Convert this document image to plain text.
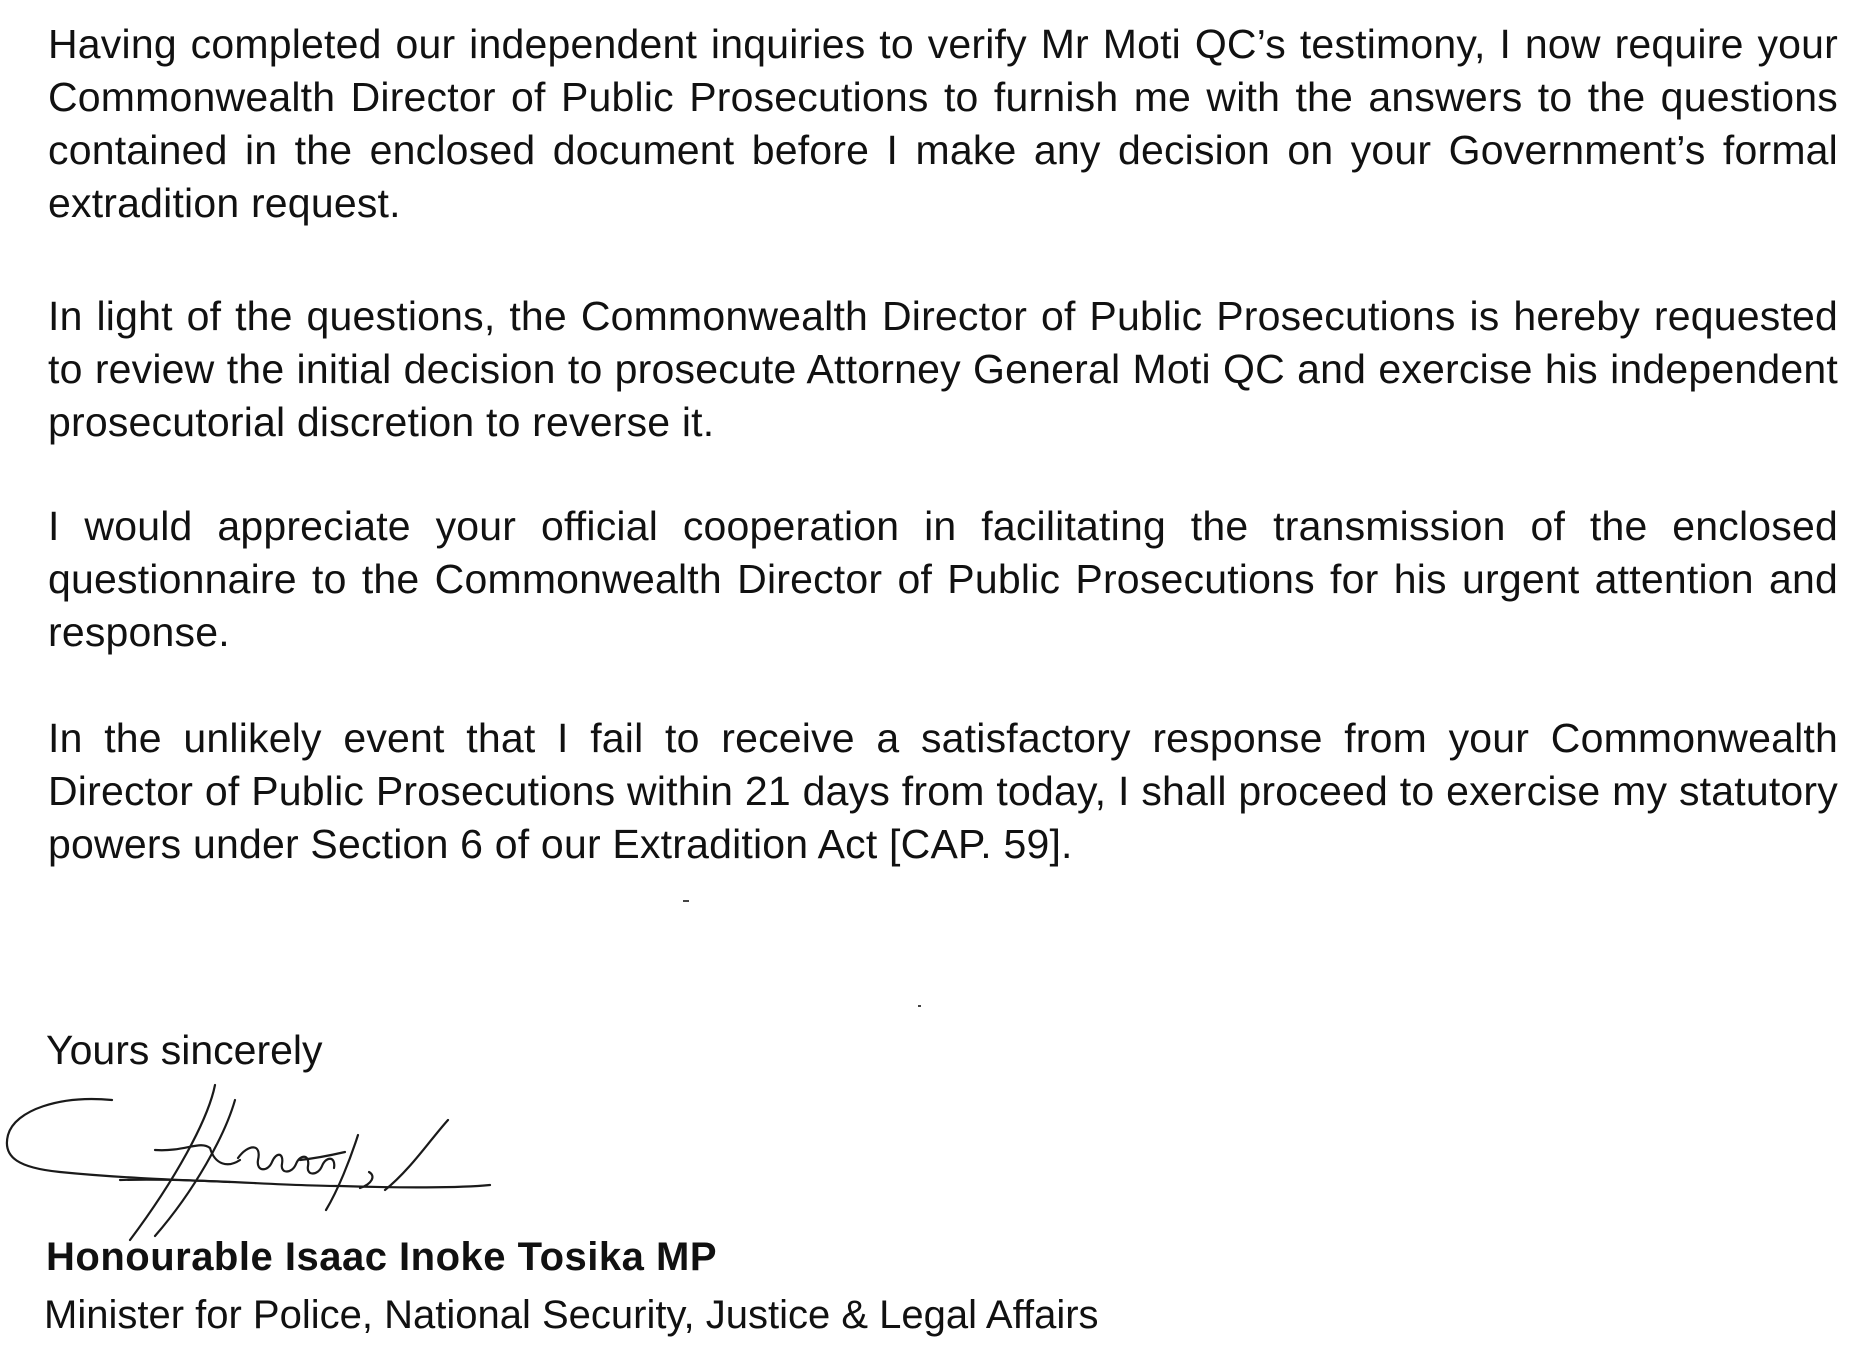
Having completed our independent inquiries to verify Mr Moti QC’s testimony, I now require your Commonwealth Director of Public Prosecutions to furnish me with the answers to the questions contained in the enclosed document before I make any decision on your Government’s formal extradition request.

In light of the questions, the Commonwealth Director of Public Prosecutions is hereby requested to review the initial decision to prosecute Attorney General Moti QC and exercise his independent prosecutorial discretion to reverse it.

I would appreciate your official cooperation in facilitating the transmission of the enclosed questionnaire to the Commonwealth Director of Public Prosecutions for his urgent attention and response.

In the unlikely event that I fail to receive a satisfactory response from your Commonwealth Director of Public Prosecutions within 21 days from today, I shall proceed to exercise my statutory powers under Section 6 of our Extradition Act [CAP. 59].

Yours sincerely

Honourable Isaac Inoke Tosika MP

Minister for Police, National Security, Justice & Legal Affairs
